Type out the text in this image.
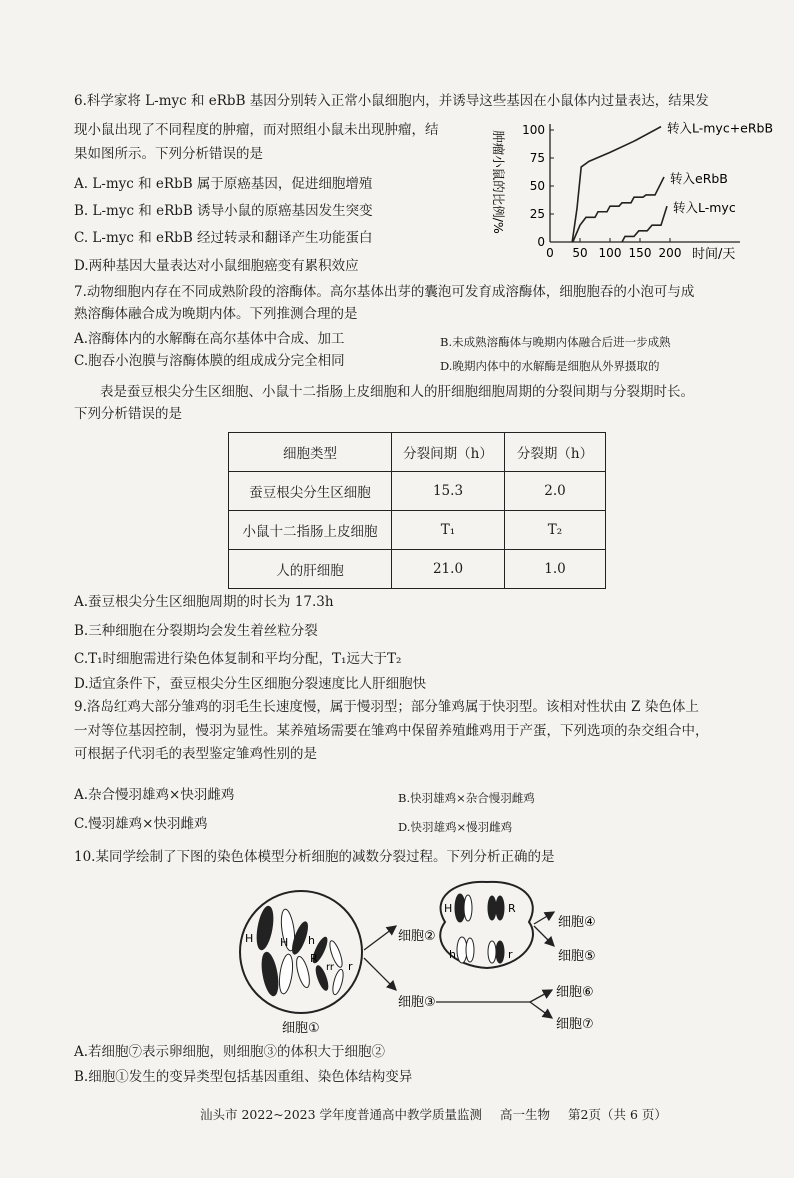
6.科学家将 L-myc 和 eRbB 基因分别转入正常小鼠细胞内，并诱导这些基因在小鼠体内过量表达，结果发
现小鼠出现了不同程度的肿瘤，而对照组小鼠未出现肿瘤，结
果如图所示。下列分析错误的是
A. L-myc 和 eRbB 属于原癌基因，促进细胞增殖
B. L-myc 和 eRbB 诱导小鼠的原癌基因发生突变
C. L-myc 和 eRbB 经过转录和翻译产生功能蛋白
D.两种基因大量表达对小鼠细胞癌变有累积效应
0
25
50
75
100
0 50 100 150 200
转入L-myc+eRbB
转入eRbB
转入L-myc
肿瘤小鼠的比例/%
时间/天
7.动物细胞内存在不同成熟阶段的溶酶体。高尔基体出芽的囊泡可发育成溶酶体，细胞胞吞的小泡可与成
熟溶酶体融合成为晚期内体。下列推测合理的是
A.溶酶体内的水解酶在高尔基体中合成、加工	B.未成熟溶酶体与晚期内体融合后进一步成熟
C.胞吞小泡膜与溶酶体膜的组成成分完全相同	D.晚期内体中的水解酶是细胞从外界摄取的
表是蚕豆根尖分生区细胞、小鼠十二指肠上皮细胞和人的肝细胞细胞周期的分裂间期与分裂期时长。
下列分析错误的是
细胞类型	分裂间期（h）	分裂期（h）
蚕豆根尖分生区细胞	15.3	2.0
小鼠十二指肠上皮细胞	T₁	T₂
人的肝细胞	21.0	1.0
A.蚕豆根尖分生区细胞周期的时长为 17.3h
B.三种细胞在分裂期均会发生着丝粒分裂
C.T₁时细胞需进行染色体复制和平均分配，T₁远大于T₂
D.适宜条件下，蚕豆根尖分生区细胞分裂速度比人肝细胞快
9.洛岛红鸡大部分雏鸡的羽毛生长速度慢，属于慢羽型；部分雏鸡属于快羽型。该相对性状由 Z 染色体上
一对等位基因控制，慢羽为显性。某养殖场需要在雏鸡中保留养殖雌鸡用于产蛋，下列选项的杂交组合中，
可根据子代羽毛的表型鉴定雏鸡性别的是
A.杂合慢羽雄鸡×快羽雌鸡	B.快羽雄鸡×杂合慢羽雌鸡
C.慢羽雄鸡×快羽雌鸡	D.快羽雄鸡×慢羽雌鸡
10.某同学绘制了下图的染色体模型分析细胞的减数分裂过程。下列分析正确的是
H H h
R
rr r
细胞①
细胞②
细胞③
H	R
h	r
细胞④
细胞⑤
细胞⑥
细胞⑦
A.若细胞⑦表示卵细胞，则细胞③的体积大于细胞②
B.细胞①发生的变异类型包括基因重组、染色体结构变异
汕头市 2022~2023 学年度普通高中教学质量监测 高一生物 第2页（共 6 页）
